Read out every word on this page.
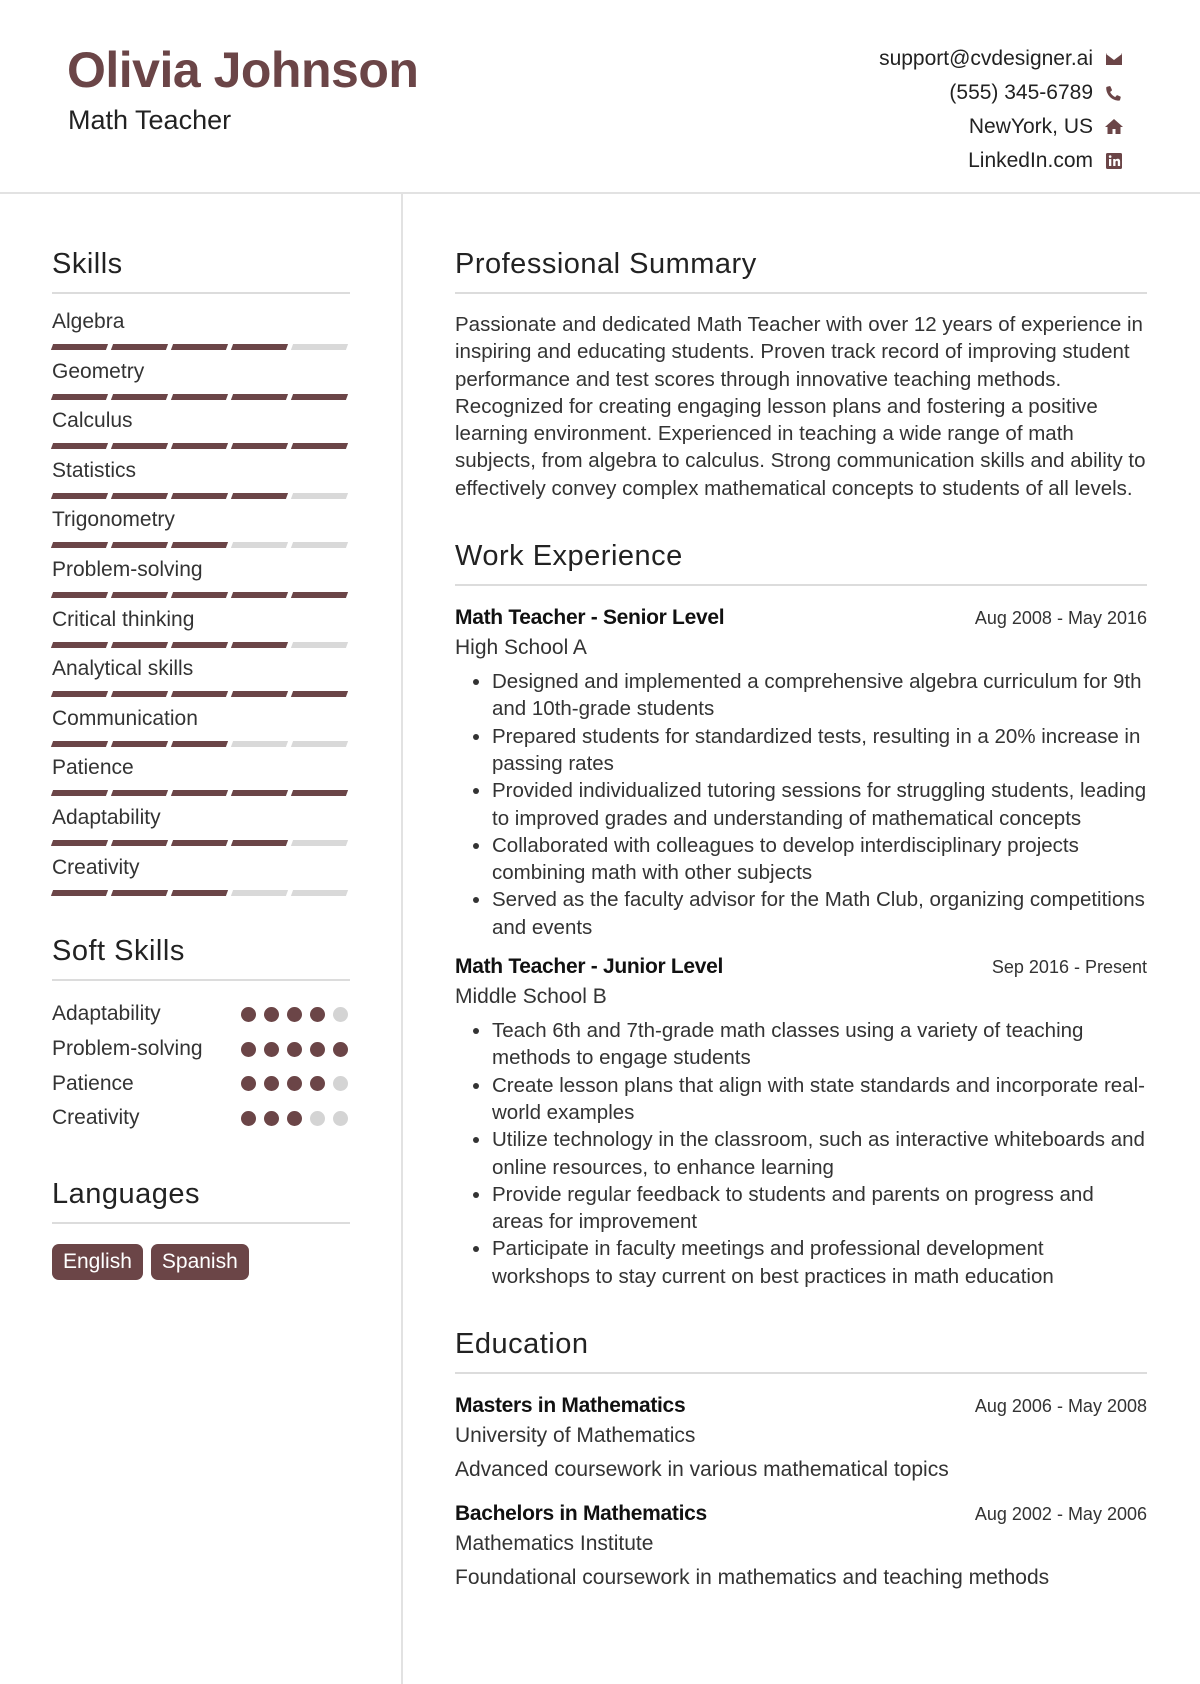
Olivia Johnson
Math Teacher
support@cvdesigner.ai
(555) 345-6789
NewYork, US
LinkedIn.com
Skills
Algebra
Geometry
Calculus
Statistics
Trigonometry
Problem-solving
Critical thinking
Analytical skills
Communication
Patience
Adaptability
Creativity
Soft Skills
Adaptability
Problem-solving
Patience
Creativity
Languages
English	Spanish
Professional Summary

Passionate and dedicated Math Teacher with over 12 years of experience in inspiring and educating students. Proven track record of improving student performance and test scores through innovative teaching methods. Recognized for creating engaging lesson plans and fostering a positive learning environment. Experienced in teaching a wide range of math subjects, from algebra to calculus. Strong communication skills and ability to effectively convey complex mathematical concepts to students of all levels.

Work Experience
Math Teacher - Senior Level	Aug 2008 - May 2016
High School A
• Designed and implemented a comprehensive algebra curriculum for 9th and 10th-grade students
• Prepared students for standardized tests, resulting in a 20% increase in passing rates
• Provided individualized tutoring sessions for struggling students, leading to improved grades and understanding of mathematical concepts
• Collaborated with colleagues to develop interdisciplinary projects combining math with other subjects
• Served as the faculty advisor for the Math Club, organizing competitions and events
Math Teacher - Junior Level	Sep 2016 - Present
Middle School B
• Teach 6th and 7th-grade math classes using a variety of teaching methods to engage students
• Create lesson plans that align with state standards and incorporate real-world examples
• Utilize technology in the classroom, such as interactive whiteboards and online resources, to enhance learning
• Provide regular feedback to students and parents on progress and areas for improvement
• Participate in faculty meetings and professional development workshops to stay current on best practices in math education
Education
Masters in Mathematics	Aug 2006 - May 2008
University of Mathematics
Advanced coursework in various mathematical topics
Bachelors in Mathematics	Aug 2002 - May 2006
Mathematics Institute
Foundational coursework in mathematics and teaching methods
